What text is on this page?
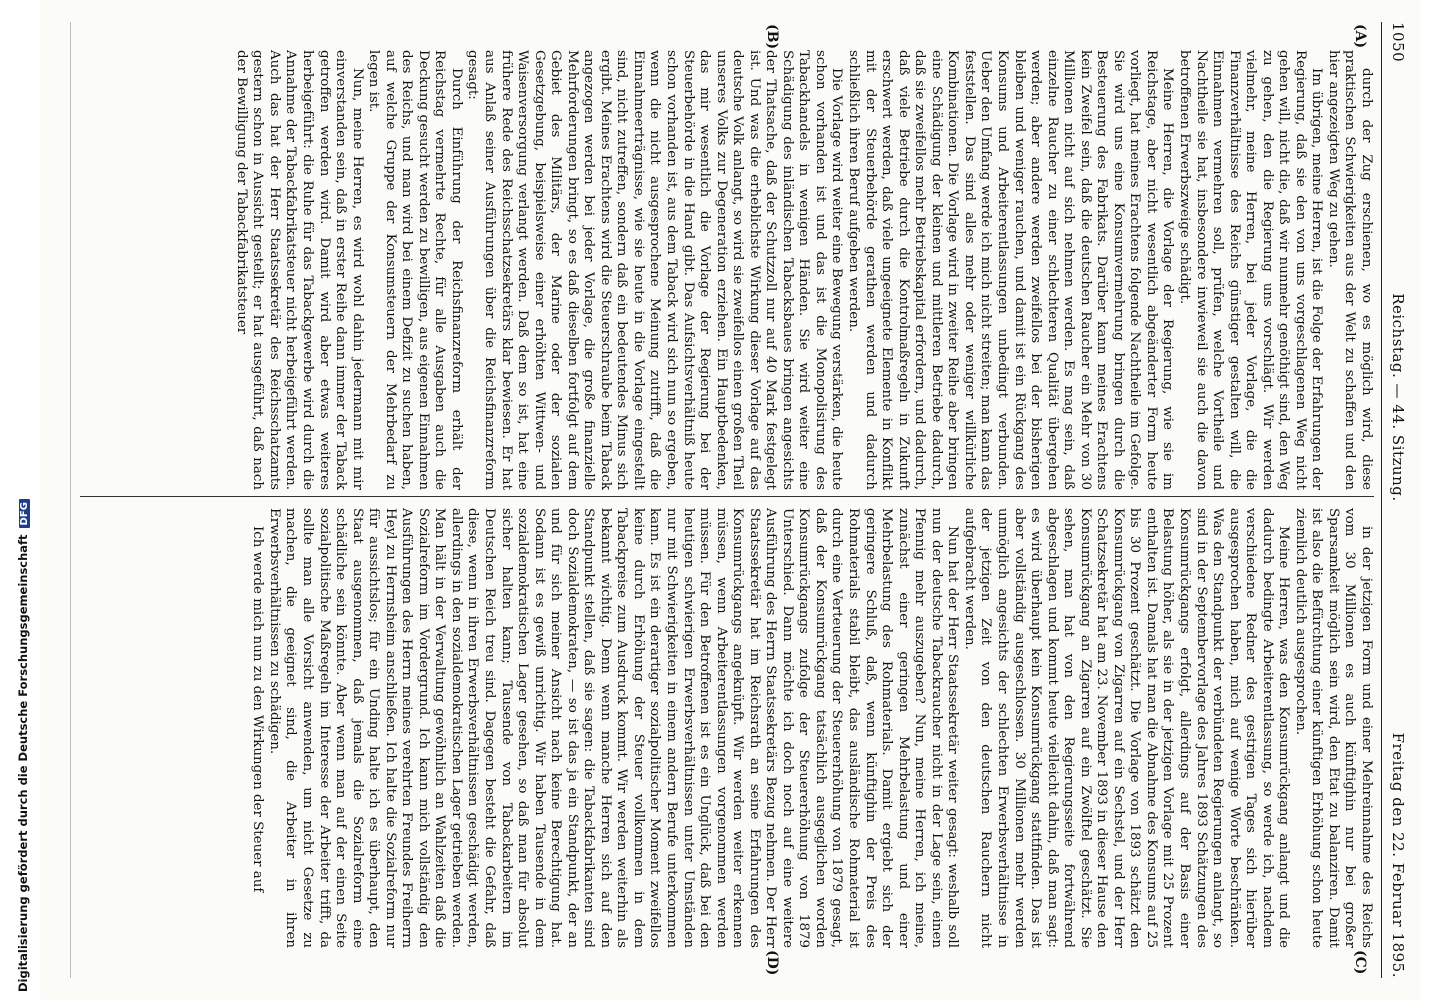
Digitalisierung gefördert durch die Deutsche ForschungsgemeinschaftDFG
1050
Reichstag. — 44. Sitzung.
Freitag den 22. Februar 1895.
(A)
(B)
(C)
(D)

durch der Zug erschienen, wo es möglich wird, diese praktischen Schwierigkeiten aus der Welt zu schaffen und den hier angezeigten Weg zu gehen.

Im übrigen, meine Herren, ist die Folge der Erfahrungen der Regierung, daß sie den von uns vorgeschlagenen Weg nicht gehen will, nicht die, daß wir nunmehr genöthigt sind, den Weg zu gehen, den die Regierung uns vorschlägt. Wir werden vielmehr, meine Herren, bei jeder Vorlage, die die Finanzverhältnisse des Reichs günstiger gestalten will, die Einnahmen vermehren soll, prüfen, welche Vortheile und Nachtheile sie hat, insbesondere inwieweil sie auch die davon betroffenen Erwerbszweige schädigt.

Meine Herren, die Vorlage der Regierung, wie sie im Reichstage, aber nicht wesentlich abgeänderter Form heute vorliegt, hat meines Erachtens folgende Nachtheile im Gefolge. Sie wird uns eine Konsumvermehrung bringen durch die Besteuerung des Fabrikats. Darüber kann meines Erachtens kein Zweifel sein, daß die deutschen Raucher ein Mehr von 30 Millionen nicht auf sich nehmen werden. Es mag sein, daß einzelne Raucher zu einer schlechteren Qualität übergehen werden; aber andere werden zweifellos bei der bisherigen bleiben und weniger rauchen, und damit ist ein Rückgang des Konsums und Arbeiterentlassungen unbedingt verbunden. Ueber den Umfang werde ich mich nicht streiten; man kann das feststellen. Das sind alles mehr oder weniger willkürliche Kombinationen. Die Vorlage wird in zweiter Reihe aber bringen eine Schädigung der kleinen und mittleren Betriebe dadurch, daß sie zweifellos mehr Betriebskapital erfordern, und dadurch, daß viele Betriebe durch die Kontrolmaßregeln in Zukunft erschwert werden, daß viele ungeeignete Elemente in Konflikt mit der Steuerbehörde gerathen werden und dadurch schließlich ihren Beruf aufgeben werden.

Die Vorlage wird weiter eine Bewegung verstärken, die heute schon vorhanden ist und das ist die Monopolisirung des Tabackhandels in wenigen Händen. Sie wird weiter eine Schädigung des inländischen Tabacksbaues bringen angesichts der Thatsache, daß der Schutzzoll nur auf 40 Mark festgelegt ist. Und was die erheblichste Wirkung dieser Vorlage auf das deutsche Volk anlangt, so wird sie zweifellos einen großen Theil unseres Volks zur Degeneration erziehen. Ein Hauptbedenken, das mir wesentlich die Vorlage der Regierung bei der Steuerbehörde in die Hand gibt. Das Aufsichtsverhältniß heute schon vorhanden ist, aus dem Taback wird sich nun so ergeben, wenn die nicht ausgesprochene Meinung zutrifft, daß die Einnahmeerträgnisse, wie sie heute in die Vorlage eingestellt sind, nicht zutreffen, sondern daß ein bedeutendes Minus sich ergibt. Meines Erachtens wird die Steuerschraube beim Taback angezogen werden bei jeder Vorlage, die große finanzielle Mehrforderungen bringt, so es daß dieselben fortfolgt auf dem Gebiet des Militärs, der Marine oder der sozialen Gesetzgebung, beispielsweise einer erhöhten Wittwen- und Waisenversorgung verlangt werden. Daß dem so ist, hat eine frühere Rede des Reichsschatzsekretärs klar bewiesen. Er hat aus Anlaß seiner Ausführungen über die Reichsfinanzreform gesagt:

Durch Einführung der Reichsfinanzreform erhält der Reichstag vermehrte Rechte, für alle Ausgaben auch die Deckung gesucht werden zu bewilligen, aus eigenen Einnahmen des Reichs, und man wird bei einem Defizit zu suchen haben, auf welche Gruppe der Konsumsteuern der Mehrbedarf zu legen ist.

Nun, meine Herren, es wird wohl dahin jedermann mit mir einverstanden sein, daß in erster Reihe dann immer der Taback getroffen werden wird. Damit wird aber etwas weiteres herbeigeführt: die Ruhe für das Tabackgewerbe wird durch die Annahme der Tabackfabrikatsteuer nicht herbeigeführt werden. Auch das hat der Herr Staatssekretär des Reichsschatzamts gestern schon in Aussicht gestellt; er hat ausgeführt, daß nach der Bewilligung der Tabackfabrikatsteuer

in der jetzigen Form und einer Mehreinnahme des Reichs vom 30 Millionen es auch künftighin nur bei großer Sparsamkeit möglich sein wird, den Etat zu balanziren. Damit ist also die Befürchtung einer künftigen Erhöhung schon heute ziemlich deutlich ausgesprochen.

Meine Herren, was den Konsumrückgang anlangt und die dadurch bedingte Arbeiterentlassung, so werde ich, nachdem verschiedene Redner des gestrigen Tages sich hierüber ausgesprochen haben, mich auf wenige Worte beschränken. Was den Standpunkt der verbündeten Regierungen anlangt, so sind in der Septembervorlage des Jahres 1893 Schätzungen des Konsumrückgangs erfolgt, allerdings auf der Basis einer Belastung höher, als sie in der jetzigen Vorlage mit 25 Prozent enthalten ist. Damals hat man die Abnahme des Konsums auf 25 bis 30 Prozent geschätzt. Die Vorlage von 1893 schätzt den Konsumrückgang von Zigarren auf ein Sechstel, und der Herr Schatzsekretär hat am 23. November 1893 in dieser Hause den Konsumrückgang an Zigarren auf ein Zwölftel geschätzt. Sie sehen, man hat von den Regierungsseite fortwährend abgeschlagen und kommt heute vielleicht dahin, daß man sagt: es wird überhaupt kein Konsumrückgang stattfinden. Das ist aber vollständig ausgeschlossen. 30 Millionen mehr werden unmöglich angesichts der schlechten Erwerbsverhältnisse in der jetzigen Zeit von den deutschen Rauchern nicht aufgebracht werden.

Nun hat der Herr Staatssekretär weiter gesagt: weshalb soll nun der deutsche Tabackraucher nicht in der Lage sein, einen Pfennig mehr auszugeben? Nun, meine Herren, ich meine, zunächst einer geringen Mehrbelastung und einer Mehrbelastung des Rohmaterials. Damit ergiebt sich der geringere Schluß, daß, wenn künftighin der Preis des Rohmaterials stabil bleibt, das ausländische Rohmaterial ist durch eine Verteuerung der Steuererhöhung von 1879 gesagt, daß der Konsumrückgang tatsächlich ausgeglichen worden Konsumrückgangs zufolge der Steuererhöhung von 1879 Unterschied. Dann möchte ich doch noch auf eine weitere Ausführung des Herrn Staatssekretärs Bezug nehmen. Der Herr Staatssekretär hat im Reichsrath an seine Erfahrungen des Konsumrückgangs angeknüpft. Wir werden weiter erkennen müssen, wenn Arbeiterentlassungen vorgenommen werden müssen. Für den Betroffenen ist es ein Unglück, daß bei den heutigen schwierigen Erwerbsverhältnissen unter Umständen nur mit Schwierigkeiten in einem andern Berufe unterkommen kann. Es ist ein derartiger sozialpolitischer Moment zweifellos keine durch Erhöhung der Steuer vollkommen in dem Tabackpreise zum Ausdruck kommt. Wir werden weiterhin als bekannt wichtig. Denn wenn manche Herren sich auf den Standpunkt stellen, daß sie sagen: die Tabackfabrikanten sind doch Sozialdemokraten, — so ist das ja ein Standpunkt, der an und für sich meiner Ansicht nach keine Berechtigung hat. Sodann ist es gewiß unrichtig. Wir haben Tausende in dem sozialdemokratischen Lager gesehen, so daß man für absolut sicher halten kann; Tausende von Tabackarbeitern im Deutschen Reich treu sind. Dagegen besteht die Gefahr, daß diese, wenn in ihren Erwerbsverhältnissen geschädigt werden, allerdings in den sozialdemokratischen Lager getrieben werden. Man hält in der Verwaltung gewöhnlich an Wahlzeiten daß die Sozialreform im Vordergrund. Ich kann mich vollständig den Ausführungen des Herrn meines verehrten Freundes Freiherrn Heyl zu Herrnsheim anschließen. Ich halte die Sozialreform nur für aussichtslos; für ein Unding halte ich es überhaupt, den Staat ausgenommen, daß jemals die Sozialreform eine schädliche sein könnte. Aber wenn man auf der einen Seite sozialpolitische Maßregeln im Interesse der Arbeiter trifft, da sollte man alle Vorsicht anwenden, um nicht Gesetze zu machen, die geeignet sind, die Arbeiter in ihren Erwerbsverhältnissen zu schädigen.

Ich werde mich nun zu den Wirkungen der Steuer auf
